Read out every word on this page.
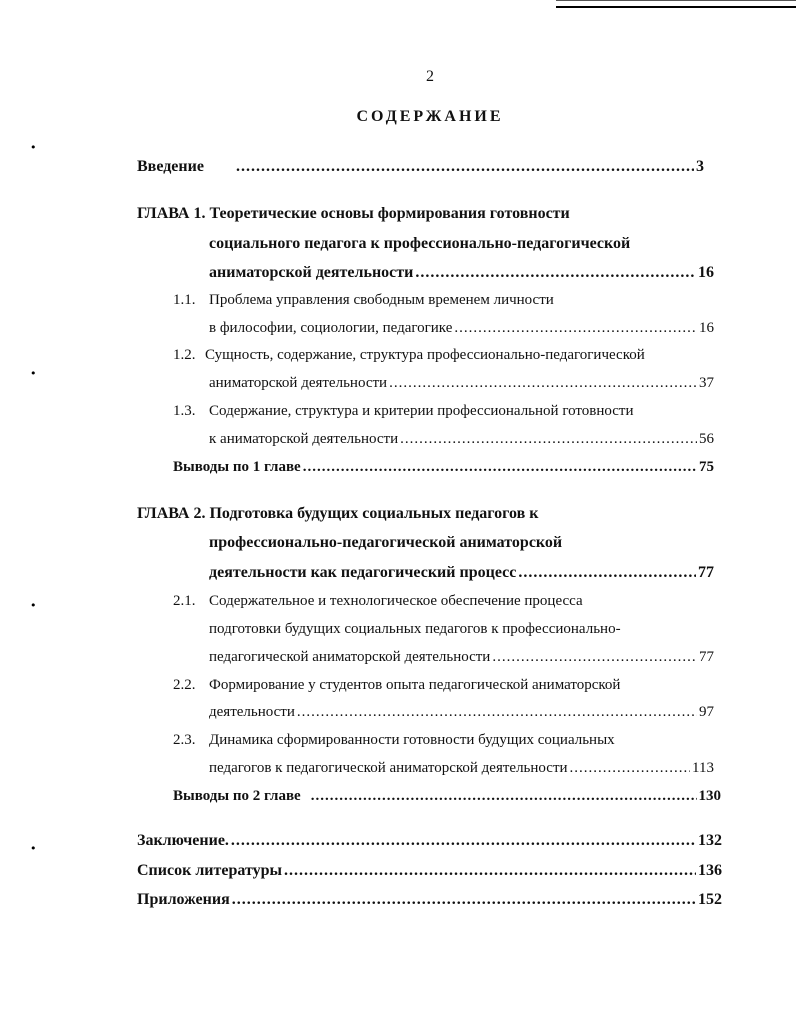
•
•
•
•
2
СОДЕРЖАНИЕ
Введение .....	3
ГЛАВА 1. Теоретические основы формирования готовности
социального педагога к профессионально-педагогической
аниматорской деятельности .....	16
1.1. Проблема управления свободным временем личности
в философии, социологии, педагогике .....	16
1.2. Сущность, содержание, структура профессионально-педагогической
аниматорской деятельности .....	37
1.3. Содержание, структура и критерии профессиональной готовности
к аниматорской деятельности .....	56
Выводы по 1 главе .....	75
ГЛАВА 2. Подготовка будущих социальных педагогов к
профессионально-педагогической аниматорской
деятельности как педагогический процесс .....	77
2.1. Содержательное и технологическое обеспечение процесса
подготовки будущих социальных педагогов к профессионально-
педагогической аниматорской деятельности .....	77
2.2. Формирование у студентов опыта педагогической аниматорской
деятельности .....	97
2.3. Динамика сформированности готовности будущих социальных
педагогов к педагогической аниматорской деятельности .....	113
Выводы по 2 главе .....	130
Заключение. .....	132
Список литературы .....	136
Приложения .....	152
